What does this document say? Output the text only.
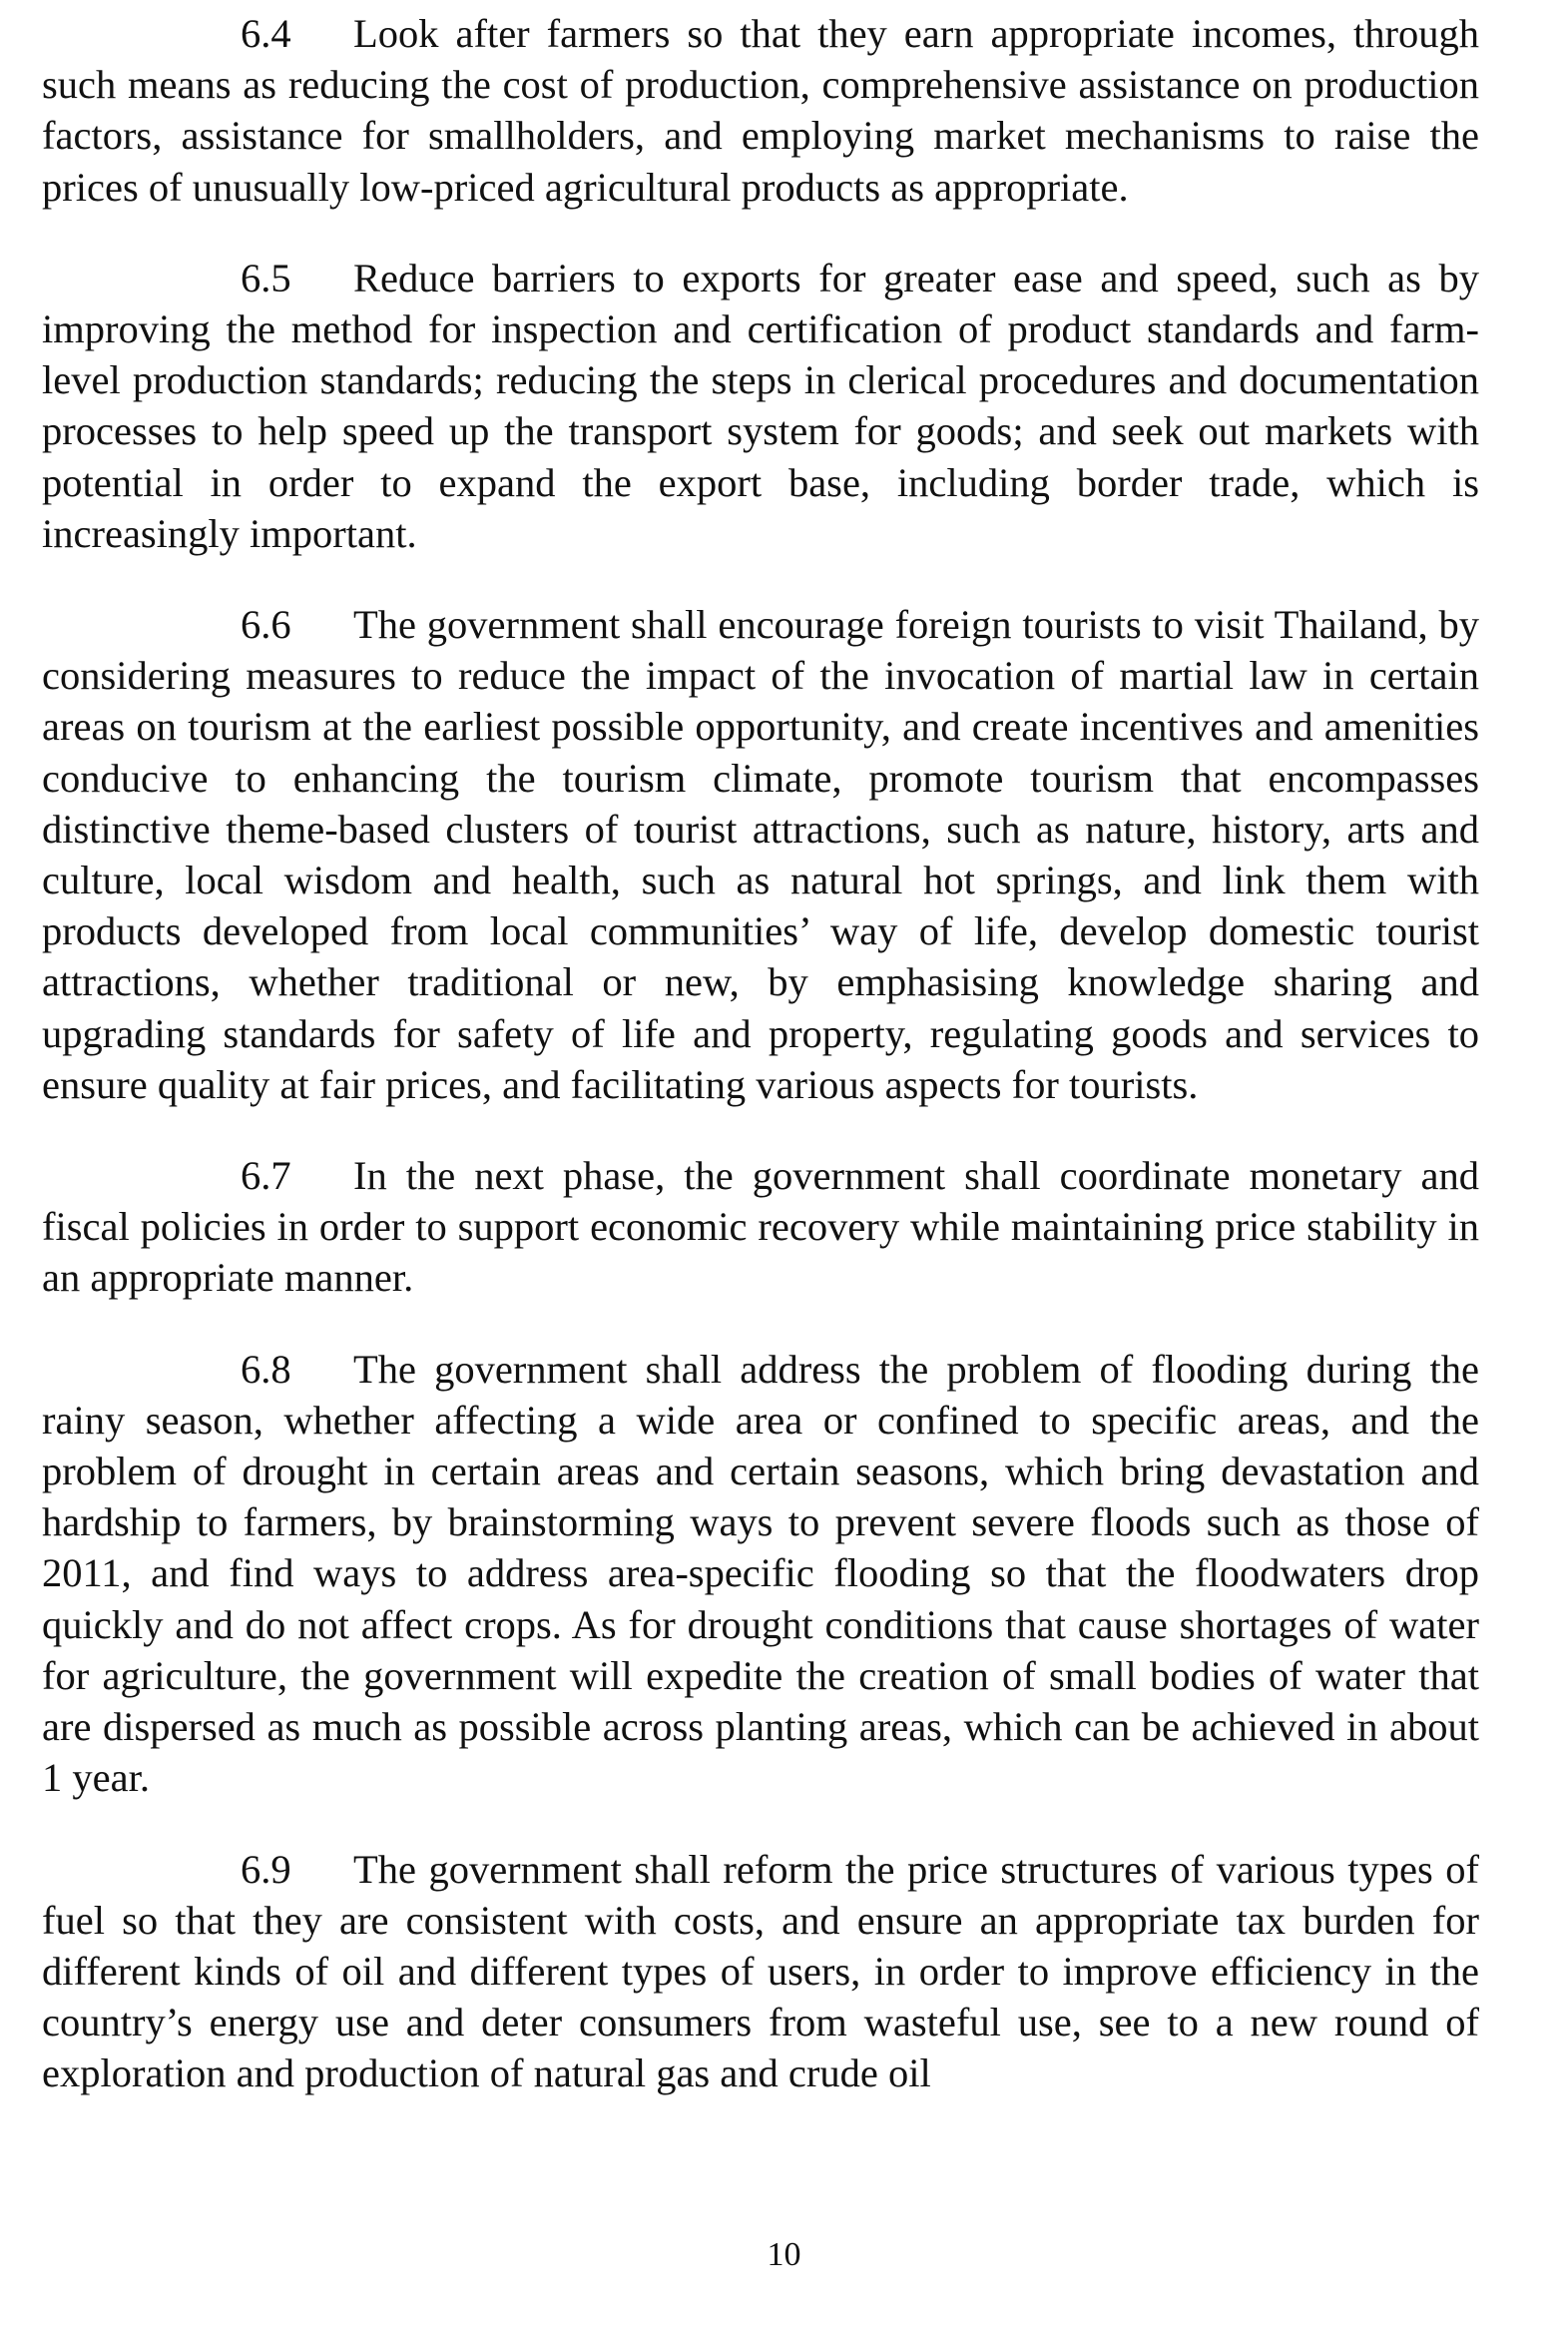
6.4 Look after farmers so that they earn appropriate incomes, through such means as reducing the cost of production, comprehensive assistance on production factors, assistance for smallholders, and employing market mechanisms to raise the prices of unusually low-priced agricultural products as appropriate.

6.5 Reduce barriers to exports for greater ease and speed, such as by improving the method for inspection and certification of product standards and farm-level production standards; reducing the steps in clerical procedures and documentation processes to help speed up the transport system for goods; and seek out markets with potential in order to expand the export base, including border trade, which is increasingly important.

6.6 The government shall encourage foreign tourists to visit Thailand, by considering measures to reduce the impact of the invocation of martial law in certain areas on tourism at the earliest possible opportunity, and create incentives and amenities conducive to enhancing the tourism climate, promote tourism that encompasses distinctive theme-based clusters of tourist attractions, such as nature, history, arts and culture, local wisdom and health, such as natural hot springs, and link them with products developed from local communities’ way of life, develop domestic tourist attractions, whether traditional or new, by emphasising knowledge sharing and upgrading standards for safety of life and property, regulating goods and services to ensure quality at fair prices, and facilitating various aspects for tourists.

6.7 In the next phase, the government shall coordinate monetary and fiscal policies in order to support economic recovery while maintaining price stability in an appropriate manner.

6.8 The government shall address the problem of flooding during the rainy season, whether affecting a wide area or confined to specific areas, and the problem of drought in certain areas and certain seasons, which bring devastation and hardship to farmers, by brainstorming ways to prevent severe floods such as those of 2011, and find ways to address area-specific flooding so that the floodwaters drop quickly and do not affect crops. As for drought conditions that cause shortages of water for agriculture, the government will expedite the creation of small bodies of water that are dispersed as much as possible across planting areas, which can be achieved in about 1 year.

6.9 The government shall reform the price structures of various types of fuel so that they are consistent with costs, and ensure an appropriate tax burden for different kinds of oil and different types of users, in order to improve efficiency in the country’s energy use and deter consumers from wasteful use, see to a new round of exploration and production of natural gas and crude oil

10
